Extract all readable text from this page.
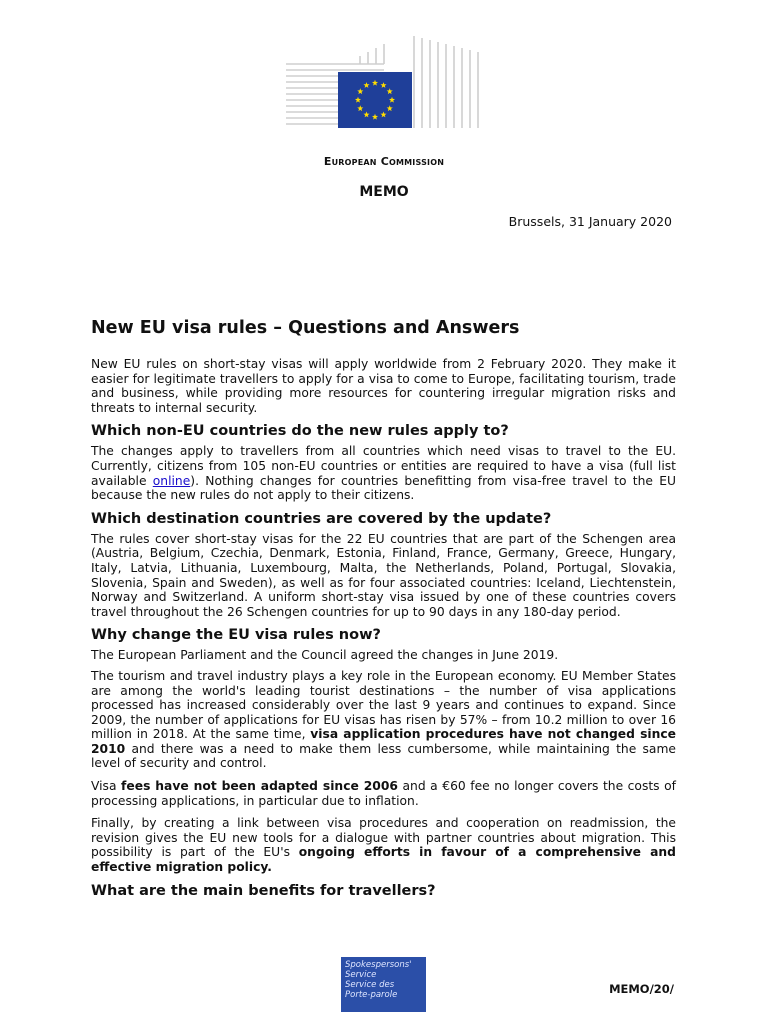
European Commission
MEMO
Brussels, 31 January 2020
New EU visa rules – Questions and Answers

New EU rules on short-stay visas will apply worldwide from 2 February 2020. They make it easier for legitimate travellers to apply for a visa to come to Europe, facilitating tourism, trade and business, while providing more resources for countering irregular migration risks and threats to internal security.

Which non-EU countries do the new rules apply to?

The changes apply to travellers from all countries which need visas to travel to the EU. Currently, citizens from 105 non-EU countries or entities are required to have a visa (full list available online). Nothing changes for countries benefitting from visa-free travel to the EU because the new rules do not apply to their citizens.

Which destination countries are covered by the update?

The rules cover short-stay visas for the 22 EU countries that are part of the Schengen area (Austria, Belgium, Czechia, Denmark, Estonia, Finland, France, Germany, Greece, Hungary, Italy, Latvia, Lithuania, Luxembourg, Malta, the Netherlands, Poland, Portugal, Slovakia, Slovenia, Spain and Sweden), as well as for four associated countries: Iceland, Liechtenstein, Norway and Switzerland. A uniform short-stay visa issued by one of these countries covers travel throughout the 26 Schengen countries for up to 90 days in any 180-day period.

Why change the EU visa rules now?

The European Parliament and the Council agreed the changes in June 2019.

The tourism and travel industry plays a key role in the European economy. EU Member States are among the world's leading tourist destinations – the number of visa applications processed has increased considerably over the last 9 years and continues to expand. Since 2009, the number of applications for EU visas has risen by 57% – from 10.2 million to over 16 million in 2018. At the same time, visa application procedures have not changed since 2010 and there was a need to make them less cumbersome, while maintaining the same level of security and control.

Visa fees have not been adapted since 2006 and a €60 fee no longer covers the costs of processing applications, in particular due to inflation.

Finally, by creating a link between visa procedures and cooperation on readmission, the revision gives the EU new tools for a dialogue with partner countries about migration. This possibility is part of the EU's ongoing efforts in favour of a comprehensive and effective migration policy.

What are the main benefits for travellers?
Spokespersons'
Service
Service des
Porte-parole	MEMO/20/
